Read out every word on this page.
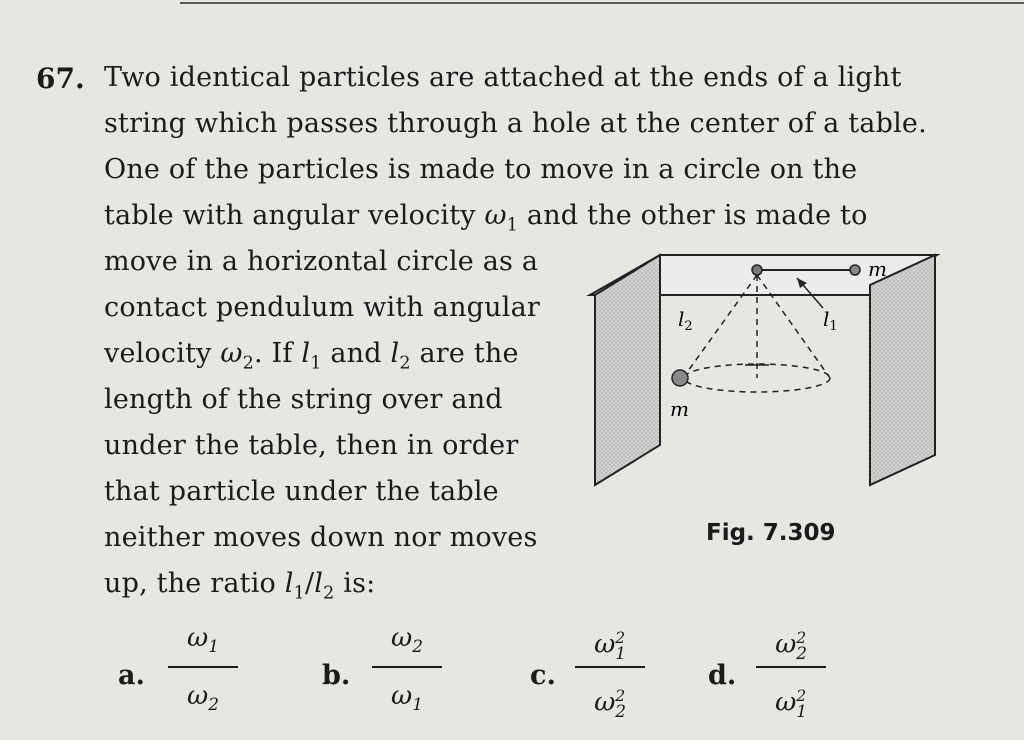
67. Two identical particles are attached at the ends of a light
string which passes through a hole at the center of a table.
One of the particles is made to move in a circle on the
table with angular velocity $\omega_1$ and the other is made to
move in a horizontal circle as a
contact pendulum with angular
velocity $\omega_2$. If $l_1$ and $l_2$ are the
length of the string over and
under the table, then in order
that particle under the table
neither moves down nor moves
up, the ratio $l_1/l_2$ is:
m
m
$l_2$	$l_1$
Fig. 7.309
a.
$\omega_1$
$\omega_2$
b.
$\omega_2$
$\omega_1$
c.
$\omega^2_1$
$\omega^2_2$
d.
$\omega^2_2$
$\omega^2_1$
